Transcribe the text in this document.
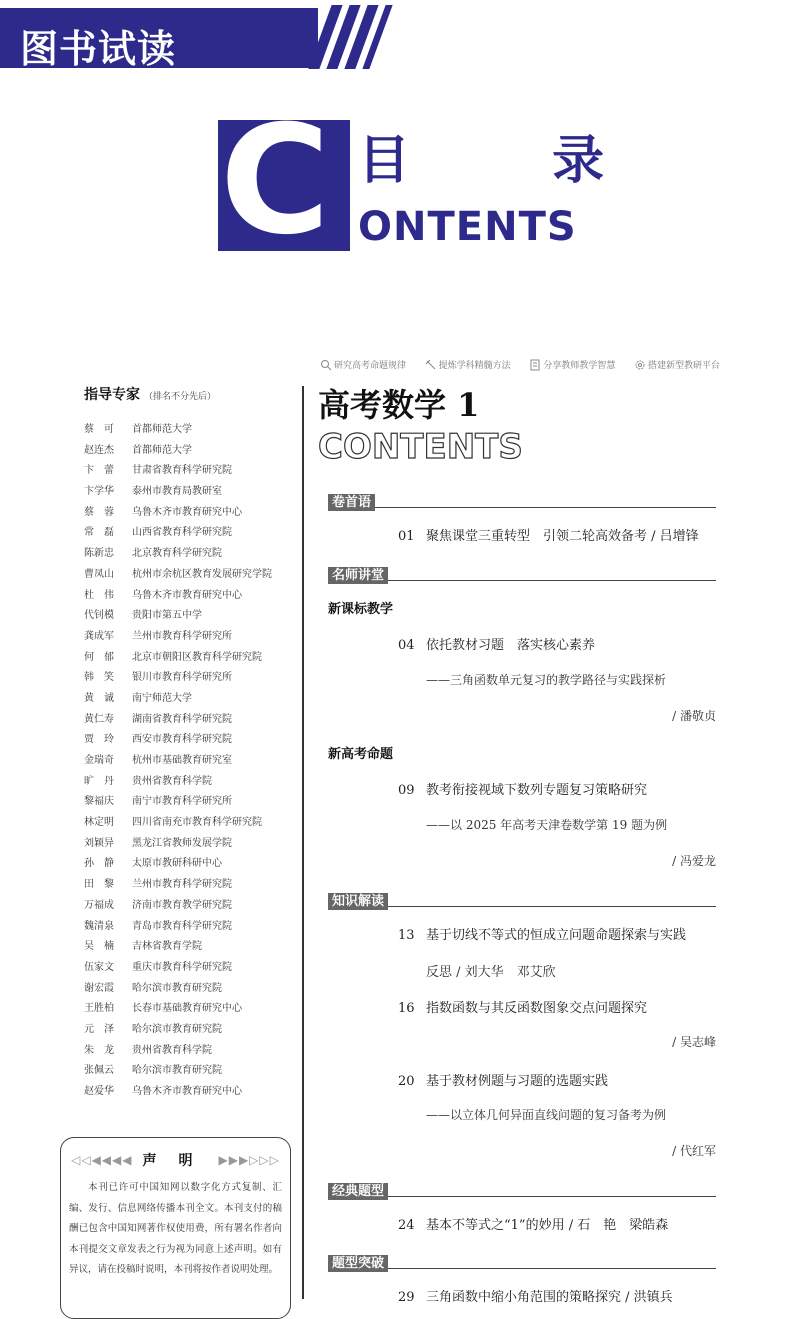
图书试读
C 目 录
ONTENTS
研究高考命题规律	提炼学科精髓方法	分享教师教学智慧	搭建新型教研平台
指导专家 （排名不分先后）
蔡　可	首都师范大学
赵连杰	首都师范大学
卞　蕾	甘肃省教育科学研究院
卞学华	泰州市教育局教研室
蔡　蓉	乌鲁木齐市教育研究中心
常　磊	山西省教育科学研究院
陈新忠	北京教育科学研究院
曹凤山	杭州市余杭区教育发展研究学院
杜　伟	乌鲁木齐市教育研究中心
代钊模	贵阳市第五中学
龚成军	兰州市教育科学研究所
何　郁	北京市朝阳区教育科学研究院
韩　笑	银川市教育科学研究所
黄　诚	南宁师范大学
黄仁寿	湖南省教育科学研究院
贾　玲	西安市教育科学研究院
金瑞奇	杭州市基础教育研究室
旷　丹	贵州省教育科学院
黎福庆	南宁市教育科学研究所
林定明	四川省南充市教育科学研究院
刘颖异	黑龙江省教师发展学院
孙　静	太原市教研科研中心
田　黎	兰州市教育科学研究院
万福成	济南市教育教学研究院
魏清泉	青岛市教育科学研究院
吴　楠	吉林省教育学院
伍家文	重庆市教育科学研究院
谢宏霞	哈尔滨市教育研究院
王胜柏	长春市基础教育研究中心
元　泽	哈尔滨市教育研究院
朱　龙	贵州省教育科学院
张佩云	哈尔滨市教育研究院
赵爱华	乌鲁木齐市教育研究中心
◁◁◀◀◀◀ 声明 ▶▶▶▷▷▷
本刊已许可中国知网以数字化方式复制、汇编、发行、信息网络传播本刊全文。本刊支付的稿酬已包含中国知网著作权使用费，所有署名作者向本刊提交文章发表之行为视为同意上述声明。如有异议，请在投稿时说明，本刊将按作者说明处理。
高考数学 1
CONTENTS
卷首语
01 聚焦课堂三重转型　引领二轮高效备考 / 吕增锋
名师讲堂
新课标教学
04 依托教材习题　落实核心素养
——三角函数单元复习的教学路径与实践探析
/ 潘敬贞
新高考命题
09 教考衔接视域下数列专题复习策略研究
——以 2025 年高考天津卷数学第 19 题为例
/ 冯爱龙
知识解读
13 基于切线不等式的恒成立问题命题探索与实践
反思 / 刘大华　邓艾欣
16 指数函数与其反函数图象交点问题探究
/ 吴志峰
20 基于教材例题与习题的选题实践
——以立体几何异面直线问题的复习备考为例
/ 代红军
经典题型
24 基本不等式之“1”的妙用 / 石　艳　梁皓森
题型突破
29 三角函数中缩小角范围的策略探究 / 洪镇兵
